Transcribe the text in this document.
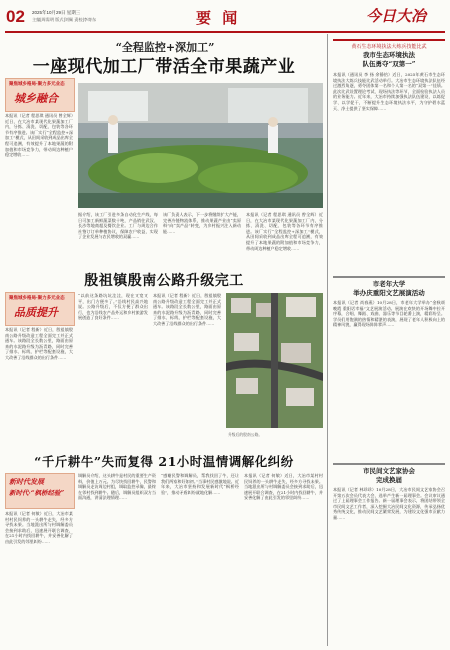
02 2025年10月29日 星期三
主编|周需明 版式|刘佩 责校|李寄东	要 闻	今日大冶
“全程监控+深加工”
一座现代加工厂带活全市果蔬产业
聚焦城乡格局·聚力多元业态
城乡融合
本报讯（记者 程思琪 通讯员 曾全辉）近日，在大冶市某现代化果蔬加工厂内，分拣、清洗、切配、包装等各环节有序推进。该厂实行“全程监控+深加工”模式，从田间采收到成品出库全程可追溯，有效提升了本地果蔬的附加值和市场竞争力，带动周边种植户稳定增收……
据介绍，该工厂引进多条自动化生产线，每日可加工新鲜蔬菜数十吨，产品销往武汉、长沙等地商超及餐饮企业。工厂与周边合作社签订订单种植协议，保障农户收益，实现了企业发展与农民增收的双赢……
该厂负责人表示，下一步将继续扩大产能，完善冷链物流体系，推动果蔬产业由“卖原料”向“卖产品”转变，为乡村振兴注入新动能……
本报讯（记者 程思琪 通讯员 曾全辉）近日，在大冶市某现代化果蔬加工厂内，分拣、清洗、切配、包装等各环节有序推进。该厂实行“全程监控+深加工”模式，从田间采收到成品出库全程可追溯，有效提升了本地果蔬的附加值和市场竞争力，带动周边种植户稳定增收……
殷祖镇殷南公路升级完工
聚焦城乡格局·聚力多元业态
品质提升
本报讯（记者 程新）近日，殷祖镇殷南公路升级改造工程全面完工并正式通车。该路段全长数公里，路面由原来的水泥路升级为沥青路，同时完善了排水、标线、护栏等配套设施，大大改善了沿线群众的出行条件……
“以前这条路坑坑洼洼，现在又宽又平，出门方便多了。”沿线村民高兴地说。公路升级后，不仅方便了群众出行，也为沿线农产品外运和乡村旅游发展创造了良好条件……
本报讯（记者 程新）近日，殷祖镇殷南公路升级改造工程全面完工并正式通车。该路段全长数公里，路面由原来的水泥路升级为沥青路，同时完善了排水、标线、护栏等配套设施，大大改善了沿线群众的出行条件……
升级后的殷南公路。
“千斤耕牛”失而复得 21小时温情调解化纠纷
新时代发展
新时代·“枫桥经验”
本报讯（记者 何敏）近日，大冶市某村村民饲养的一头耕牛走失，经多方寻找未果。当地派出所与村调解委员会接到求助后，迅速展开联合调查，在21小时内找回耕牛，并妥善化解了由此引发的邻里纠纷……
调解员介绍，这头耕牛是村民的重要生产资料，价值上万元。为尽快找回耕牛，民警和调解员走访周边村组，调取监控录像，最终在邻村找到耕牛。随后，调解员组织双方当面沟通，讲清法理情理……
“感谢民警和调解员，帮我找回了牛，还让我们两家和好如初。”当事村民感激地说。近年来，大冶市坚持和发展新时代“枫桥经验”，推动矛盾纠纷就地化解……
本报讯（记者 何敏）近日，大冶市某村村民饲养的一头耕牛走失，经多方寻找未果。当地派出所与村调解委员会接到求助后，迅速展开联合调查，在21小时内找回耕牛，并妥善化解了由此引发的邻里纠纷……
黄石生态环境执法大练兵技能比武
我市生态环境执法
队伍勇夺“双第一”
本报讯（通讯员 李 扬 余静怡）近日，2025年黄石市生态环境执法大练兵技能比武活动举行。大冶市生态环境执法队伍经过激烈角逐，勇夺团体第一名和个人第一名的“双第一”佳绩。此次比武设置理论考试、现场执法等环节，全面检验执法人员的业务能力。近年来，大冶市持续加强执法队伍建设，以练促学、以学促干，不断提升生态环境执法水平，为守护碧水蓝天、净土提供了坚实保障……
市老年大学
举办庆重阳文艺展演活动
本报讯（记者 尚春燕）10月28日，市老年大学举办“金秋颂晚霞 重阳话幸福”文艺展演活动。展演在欢快的开场舞中拉开序幕，合唱、舞蹈、戏曲、器乐等节目轮番上演，精彩纷呈。学员们用饱满的热情和精湛的表演，展现了老年人积极向上的精神风貌，赢得现场阵阵掌声……
市民间文艺家协会
完成换届
本报讯（记者 林珍珍）10月28日，大冶市民间文艺家协会召开第五次会员代表大会，选举产生新一届理事会。会议审议通过了上届理事会工作报告。新一届理事会表示，将团结带领全市民间文艺工作者，深入挖掘大冶民间文化资源，传承弘扬优秀传统文化，推动民间文艺繁荣发展，为建设文化强市贡献力量……
